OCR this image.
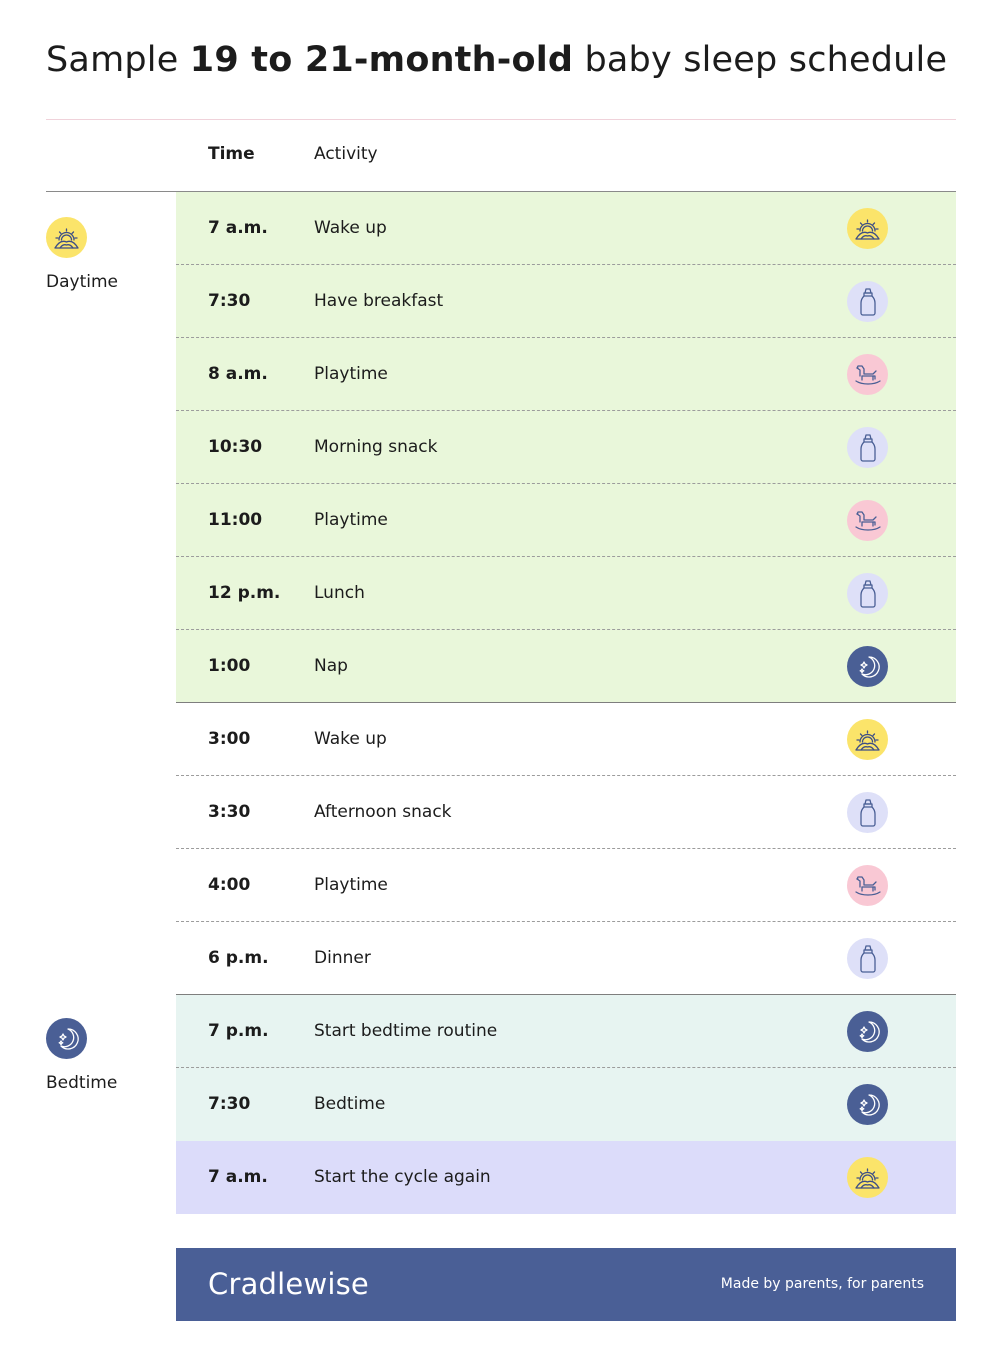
Sample 19 to 21-month-old baby sleep schedule
Time	Activity
Daytime
Bedtime
7 a.m.	Wake up
7:30	Have breakfast
8 a.m.	Playtime
10:30	Morning snack
11:00	Playtime
12 p.m. Lunch
1:00	Nap
3:00	Wake up
3:30	Afternoon snack
4:00	Playtime
6 p.m.	Dinner
7 p.m.	Start bedtime routine
7:30	Bedtime
7 a.m.	Start the cycle again
Cradlewise	Made by parents, for parents
